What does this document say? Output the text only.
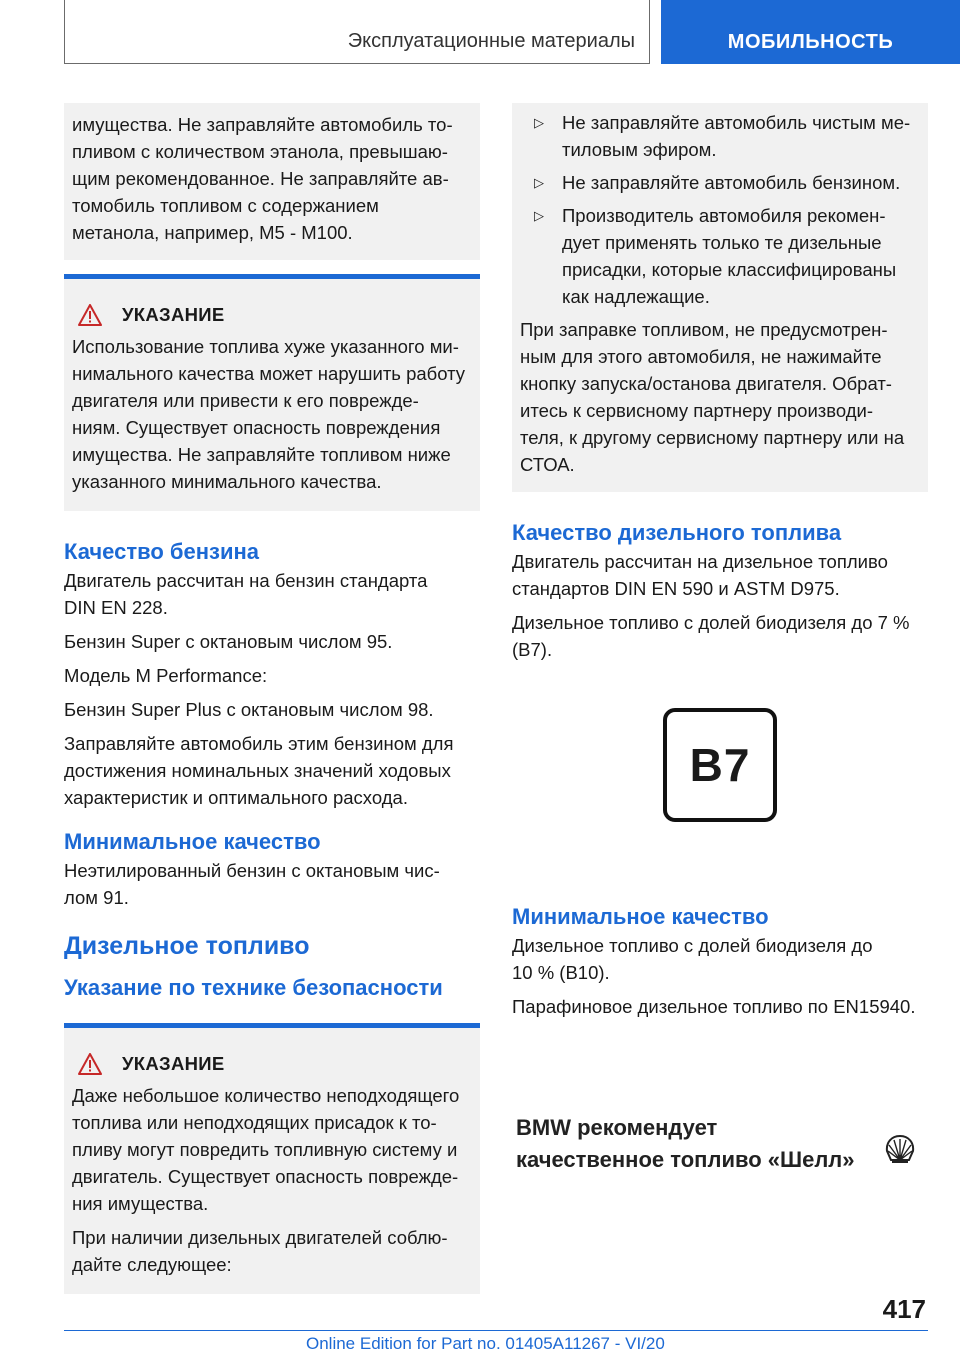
Эксплуатационные материалы	МОБИЛЬНОСТЬ

имущества. Не заправляйте автомобиль то-

пливом с количеством этанола, превышаю-

щим рекомендованное. Не заправляйте ав-

томобиль топливом с содержанием

метанола, например, M5 - M100.

УКАЗАНИЕ
Использование топлива хуже указанного ми-
нимального качества может нарушить работу
двигателя или привести к его поврежде-
ниям. Существует опасность повреждения
имущества. Не заправляйте топливом ниже
указанного минимального качества.
Качество бензина
Двигатель рассчитан на бензин стандарта
DIN EN 228.
Бензин Super с октановым числом 95.
Модель M Performance:
Бензин Super Plus с октановым числом 98.
Заправляйте автомобиль этим бензином для
достижения номинальных значений ходовых
характеристик и оптимального расхода.
Минимальное качество
Неэтилированный бензин с октановым чис-
лом 91.
Дизельное топливо
Указание по технике безопасности
УКАЗАНИЕ
Даже небольшое количество неподходящего
топлива или неподходящих присадок к то-
пливу могут повредить топливную систему и
двигатель. Существует опасность поврежде-
ния имущества.
При наличии дизельных двигателей соблю-
дайте следующее:
▷ Не заправляйте автомобиль чистым ме-
тиловым эфиром.
▷ Не заправляйте автомобиль бензином.
▷ Производитель автомобиля рекомен-
дует применять только те дизельные
присадки, которые классифицированы
как надлежащие.
При заправке топливом, не предусмотрен-
ным для этого автомобиля, не нажимайте
кнопку запуска/останова двигателя. Обрат-
итесь к сервисному партнеру производи-
теля, к другому сервисному партнеру или на
СТОА.
Качество дизельного топлива
Двигатель рассчитан на дизельное топливо
стандартов DIN EN 590 и ASTM D975.
Дизельное топливо с долей биодизеля до 7 %
(B7).
B7
Минимальное качество
Дизельное топливо с долей биодизеля до
10 % (B10).
Парафиновое дизельное топливо по EN15940.
BMW рекомендует
качественное топливо «Шелл»
417
Online Edition for Part no. 01405A11267 - VI/20
